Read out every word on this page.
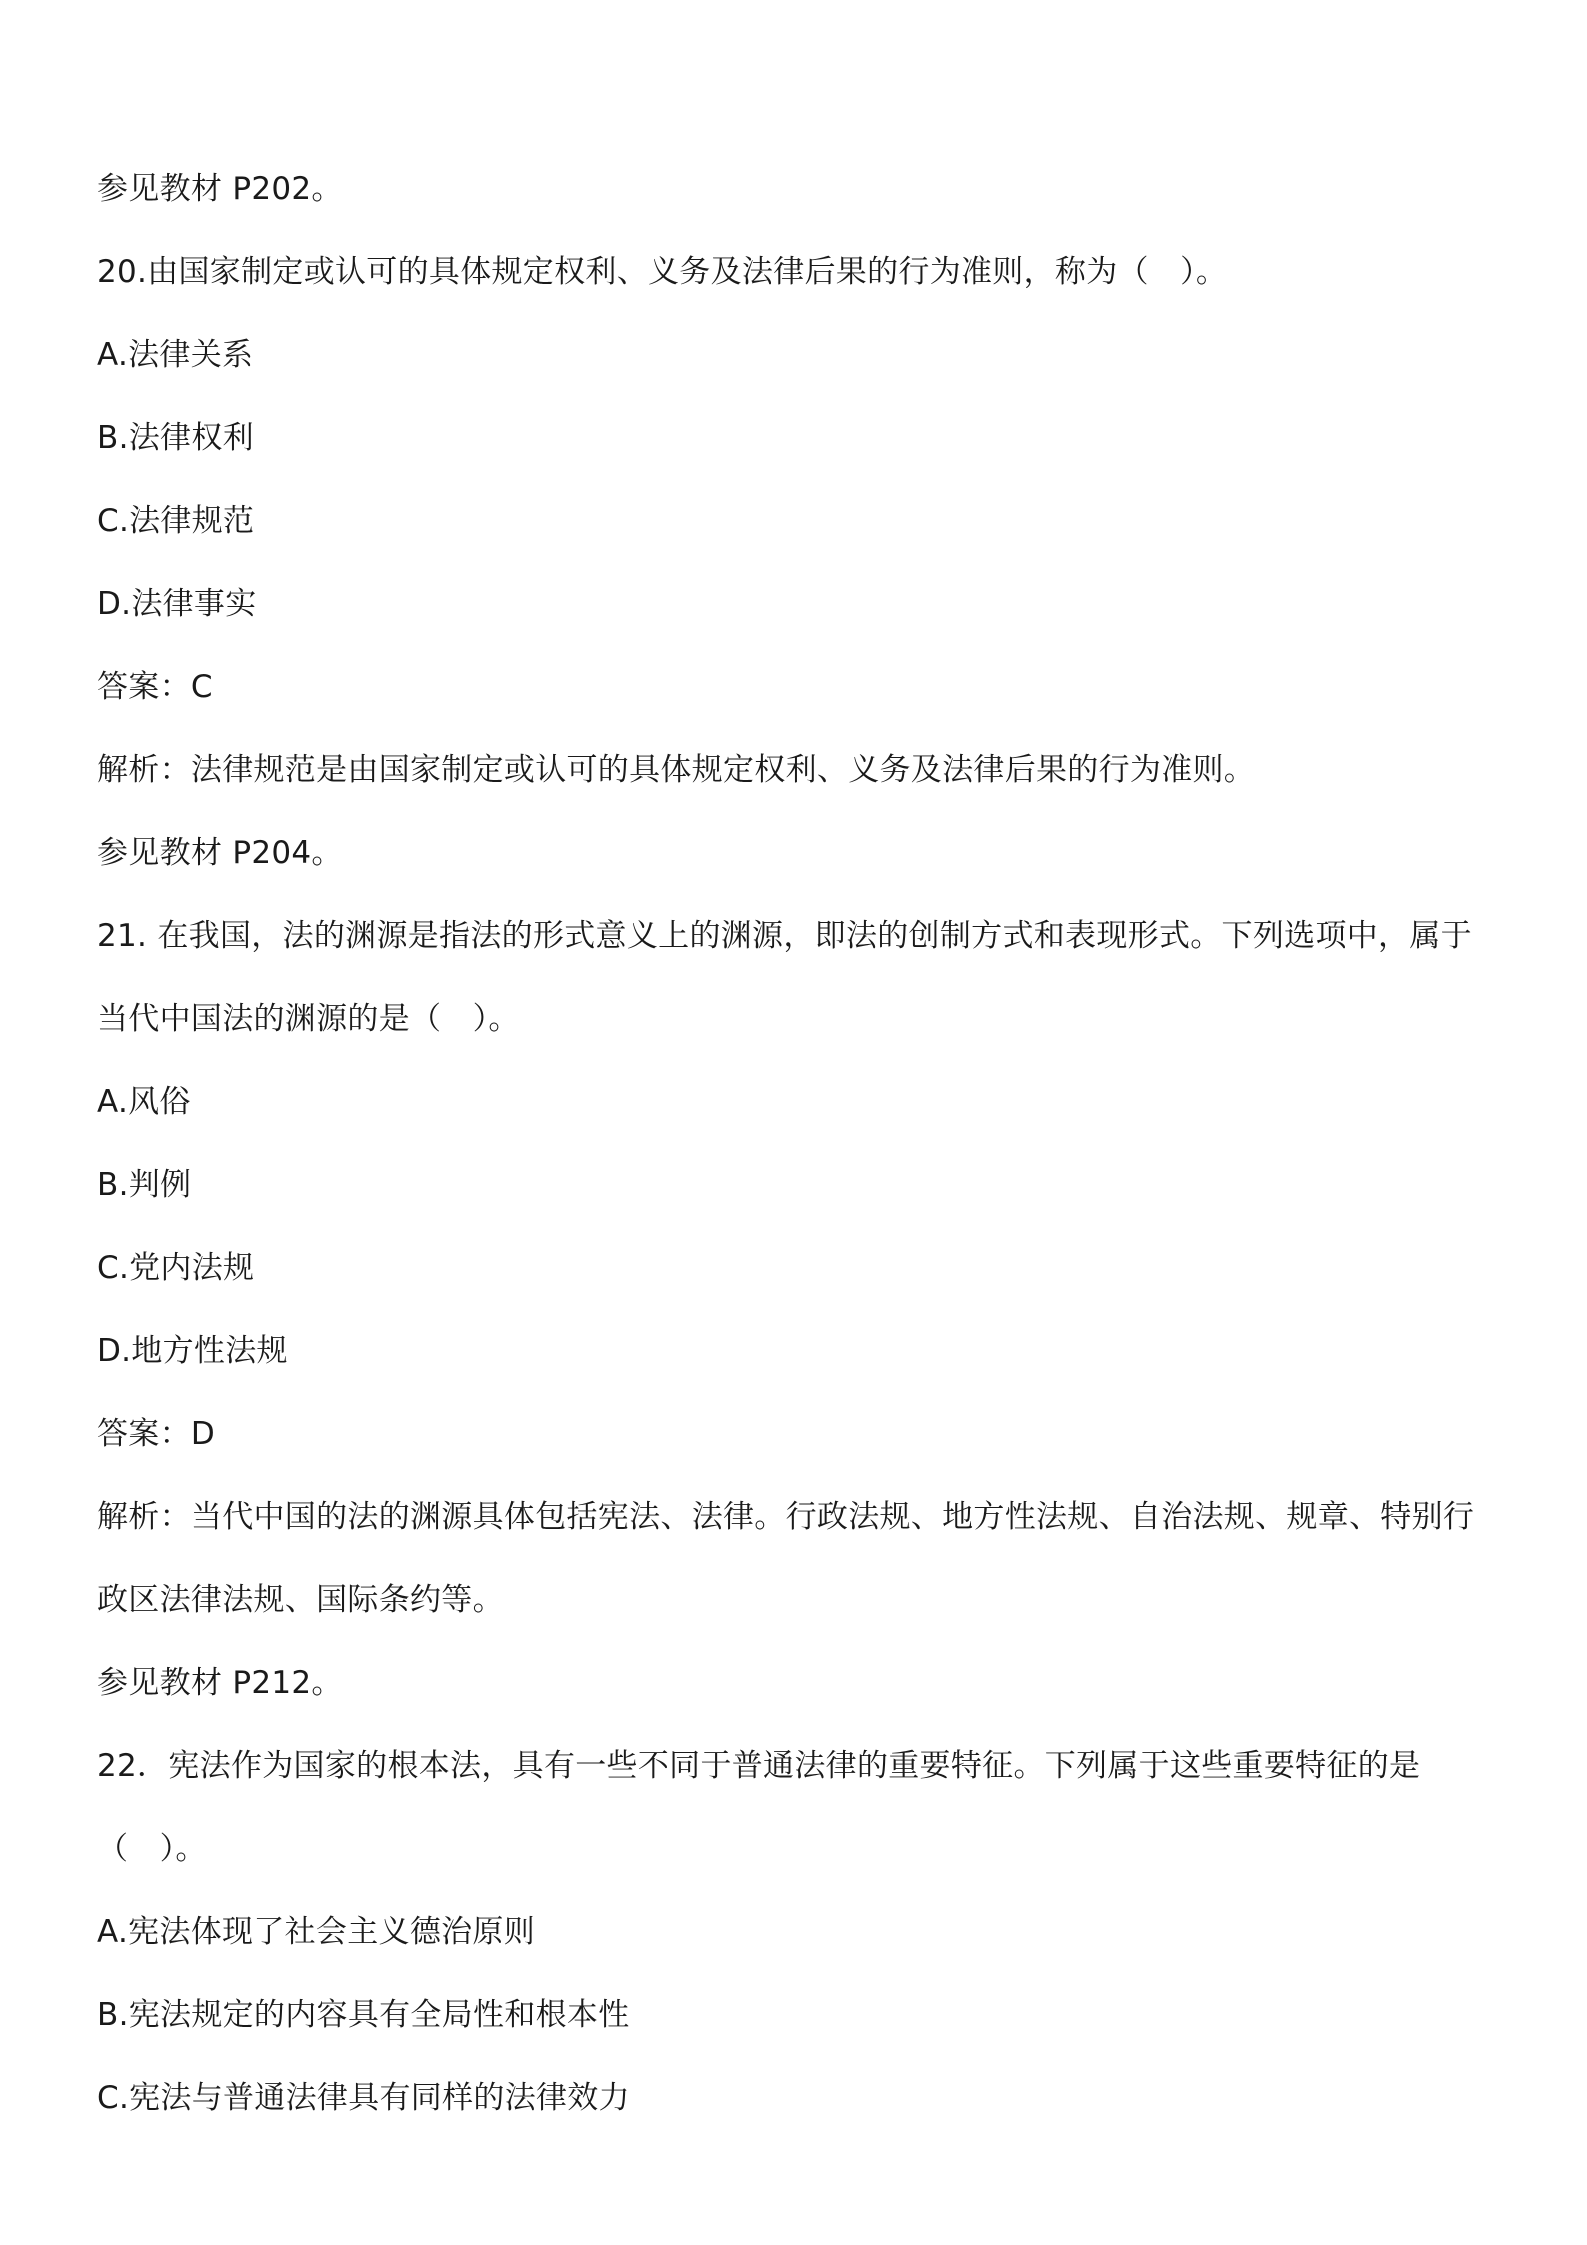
参见教材 P202。
20.由国家制定或认可的具体规定权利、义务及法律后果的行为准则，称为（　）。
A.法律关系
B.法律权利
C.法律规范
D.法律事实
答案：C
解析：法律规范是由国家制定或认可的具体规定权利、义务及法律后果的行为准则。
参见教材 P204。
21. 在我国，法的渊源是指法的形式意义上的渊源，即法的创制方式和表现形式。下列选项中，属于
当代中国法的渊源的是（　）。
A.风俗
B.判例
C.党内法规
D.地方性法规
答案：D
解析：当代中国的法的渊源具体包括宪法、法律。行政法规、地方性法规、自治法规、规章、特别行
政区法律法规、国际条约等。
参见教材 P212。
22．宪法作为国家的根本法，具有一些不同于普通法律的重要特征。下列属于这些重要特征的是
（　）。
A.宪法体现了社会主义德治原则
B.宪法规定的内容具有全局性和根本性
C.宪法与普通法律具有同样的法律效力
